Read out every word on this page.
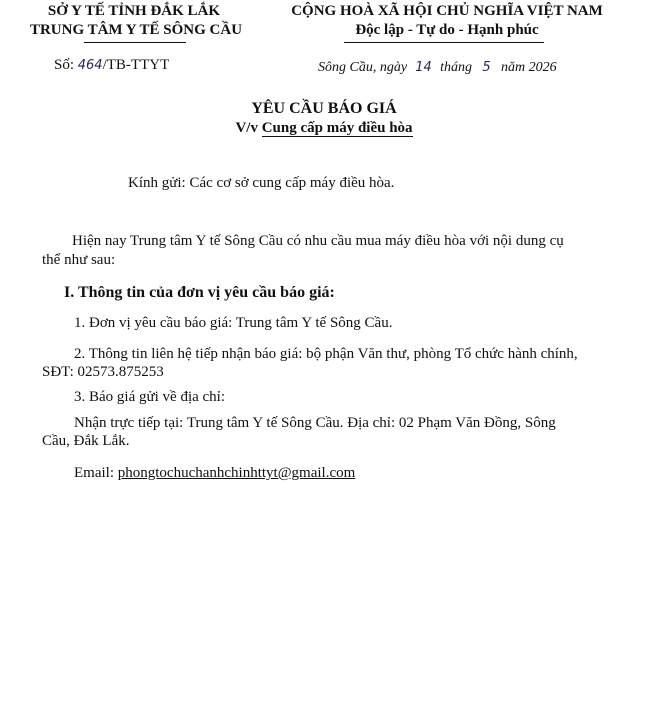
SỞ Y TẾ TỈNH ĐẮK LẮK
TRUNG TÂM Y TẾ SÔNG CẦU
Số: 464/TB-TTYT
CỘNG HOÀ XÃ HỘI CHỦ NGHĨA VIỆT NAM
Độc lập - Tự do - Hạnh phúc
Sông Cầu, ngày 14 tháng 5 năm 2026
YÊU CẦU BÁO GIÁ
V/v Cung cấp máy điều hòa
Kính gửi: Các cơ sở cung cấp máy điều hòa.
Hiện nay Trung tâm Y tế Sông Cầu có nhu cầu mua máy điều hòa với nội dung cụ
thể như sau:
I. Thông tin của đơn vị yêu cầu báo giá:
1. Đơn vị yêu cầu báo giá: Trung tâm Y tế Sông Cầu.
2. Thông tin liên hệ tiếp nhận báo giá: bộ phận Văn thư, phòng Tổ chức hành chính,
SĐT: 02573.875253
3. Báo giá gửi về địa chỉ:
Nhận trực tiếp tại: Trung tâm Y tế Sông Cầu. Địa chỉ: 02 Phạm Văn Đồng, Sông
Cầu, Đắk Lắk.
Email: phongtochuchanhchinhttyt@gmail.com
